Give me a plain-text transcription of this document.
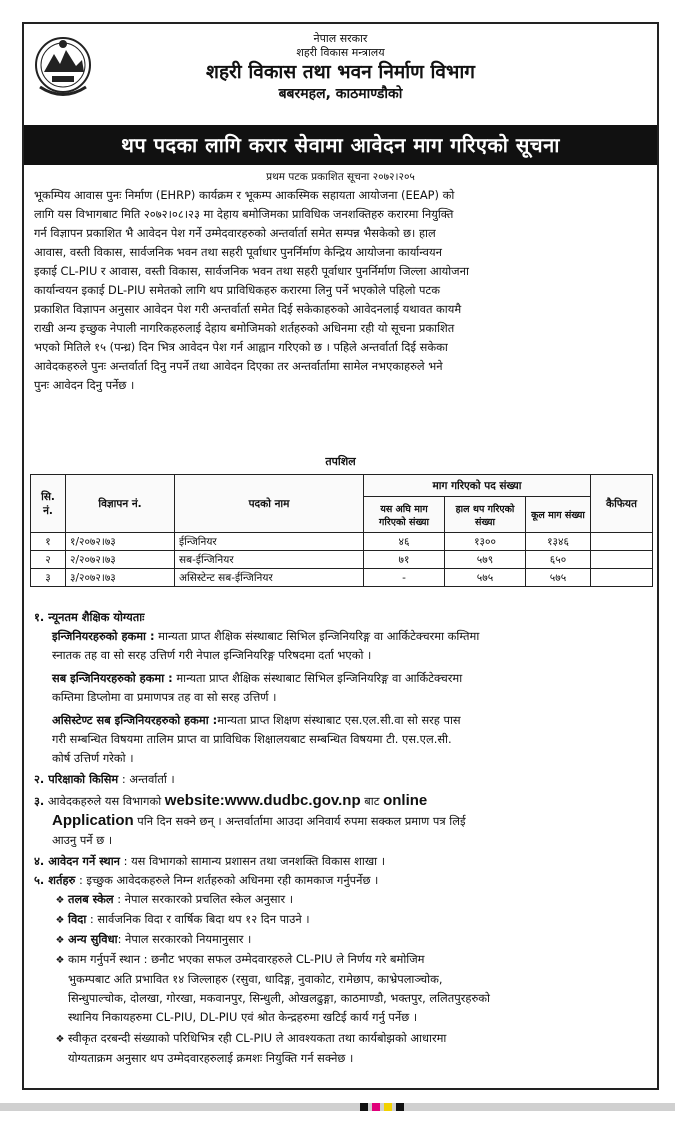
नेपाल सरकार
शहरी विकास मन्त्रालय
शहरी विकास तथा भवन निर्माण विभाग
बबरमहल, काठमाण्डौको
थप पदका लागि करार सेवामा आवेदन माग गरिएको सूचना
प्रथम पटक प्रकाशित सूचना २०७२।२०५
भूकम्पिय आवास पुनः निर्माण (EHRP) कार्यक्रम र भूकम्प आकस्मिक सहायता आयोजना (EEAP) को
लागि यस विभागबाट मिति २०७२।०८।२३ मा देहाय बमोजिमका प्राविधिक जनशक्तिहरु करारमा नियुक्ति
गर्न विज्ञापन प्रकाशित भै आवेदन पेश गर्ने उम्मेदवारहरुको अन्तर्वार्ता समेत सम्पन्न भैसकेको छ। हाल
आवास, वस्ती विकास, सार्वजनिक भवन तथा सहरी पूर्वाधार पुनर्निर्माण केन्द्रिय आयोजना कार्यान्वयन
इकाई CL-PIU र आवास, वस्ती विकास, सार्वजनिक भवन तथा सहरी पूर्वाधार पुनर्निर्माण जिल्ला आयोजना
कार्यान्वयन इकाई DL-PIU समेतको लागि थप प्राविधिकहरु करारमा लिनु पर्ने भएकोले पहिलो पटक
प्रकाशित विज्ञापन अनुसार आवेदन पेश गरी अन्तर्वार्ता समेत दिई सकेकाहरुको आवेदनलाई यथावत कायमै
राखी अन्य इच्छुक नेपाली नागरिकहरुलाई देहाय बमोजिमको शर्तहरुको अधिनमा रही यो सूचना प्रकाशित
भएको मितिले १५ (पन्ध्र) दिन भित्र आवेदन पेश गर्न आह्वान गरिएको छ । पहिले अन्तर्वार्ता दिई सकेका
आवेदकहरुले पुनः अन्तर्वार्ता दिनु नपर्ने तथा आवेदन दिएका तर अन्तर्वार्तामा सामेल नभएकाहरुले भने
पुनः आवेदन दिनु पर्नेछ ।
तपशिल
सि. नं.	विज्ञापन नं.	पदको नाम	माग गरिएको पद संख्या			कैफियत
			यस अघि माग गरिएको संख्या	हाल थप गरिएको संख्या	कूल माग संख्या	
१	१/२०७२।७३	ईन्जिनियर	४६	१३००	१३४६	
२	२/२०७२।७३	सब-ईन्जिनियर	७१	५७९	६५०	
३	३/२०७२।७३	असिस्टेन्ट सब-ईन्जिनियर	-	५७५	५७५	
१. न्यूनतम शैक्षिक योग्यताः
इन्जिनियरहरुको हकमा : मान्यता प्राप्त शैक्षिक संस्थाबाट सिभिल इन्जिनियरिङ्ग वा आर्किटेक्चरमा कम्तिमा
स्नातक तह वा सो सरह उत्तिर्ण गरी नेपाल इन्जिनियरिङ्ग परिषदमा दर्ता भएको ।
सब इन्जिनियरहरुको हकमा : मान्यता प्राप्त शैक्षिक संस्थाबाट सिभिल इन्जिनियरिङ्ग वा आर्किटेक्चरमा
कम्तिमा डिप्लोमा वा प्रमाणपत्र तह वा सो सरह उत्तिर्ण ।
असिस्टेण्ट सब इन्जिनियरहरुको हकमा :मान्यता प्राप्त शिक्षण संस्थाबाट एस.एल.सी.वा सो सरह पास
गरी सम्बन्धित विषयमा तालिम प्राप्त वा प्राविधिक शिक्षालयबाट सम्बन्धित विषयमा टी. एस.एल.सी.
कोर्ष उत्तिर्ण गरेको ।
२. परिक्षाको किसिम : अन्तर्वार्ता ।
३. आवेदकहरुले यस विभागको website:www.dudbc.gov.np बाट online
Application पनि दिन सक्ने छन् । अन्तर्वार्तामा आउदा अनिवार्य रुपमा सक्कल प्रमाण पत्र लिई
आउनु पर्ने छ ।
४. आवेदन गर्ने स्थान : यस विभागको सामान्य प्रशासन तथा जनशक्ति विकास शाखा ।
५. शर्तहरु : इच्छुक आवेदकहरुले निम्न शर्तहरुको अधिनमा रही कामकाज गर्नुपर्नेछ ।
❖ तलब स्केल : नेपाल सरकारको प्रचलित स्केल अनुसार ।
❖ विदा : सार्वजनिक विदा र वार्षिक बिदा थप १२ दिन पाउने ।
❖ अन्य सुविधा: नेपाल सरकारको नियमानुसार ।
❖ काम गर्नुपर्ने स्थान : छनौट भएका सफल उम्मेदवारहरुले CL-PIU ले निर्णय गरे बमोजिम
भुकम्पबाट अति प्रभावित १४ जिल्लाहरु (रसुवा, धादिङ्ग, नुवाकोट, रामेछाप, काभ्रेपलाञ्चोक,
सिन्धुपाल्चोक, दोलखा, गोरखा, मकवानपुर, सिन्धुली, ओखलढुङ्गा, काठमाण्डौ, भक्तपुर, ललितपुरहरुको
स्थानिय निकायहरुमा CL-PIU, DL-PIU एवं श्रोत केन्द्रहरुमा खटिई कार्य गर्नु पर्नेछ ।
❖ स्वीकृत दरबन्दी संख्याको परिधिभित्र रही CL-PIU ले आवश्यकता तथा कार्यबोझको आधारमा
योग्यताक्रम अनुसार थप उम्मेदवारहरुलाई क्रमशः नियुक्ति गर्न सक्नेछ ।
